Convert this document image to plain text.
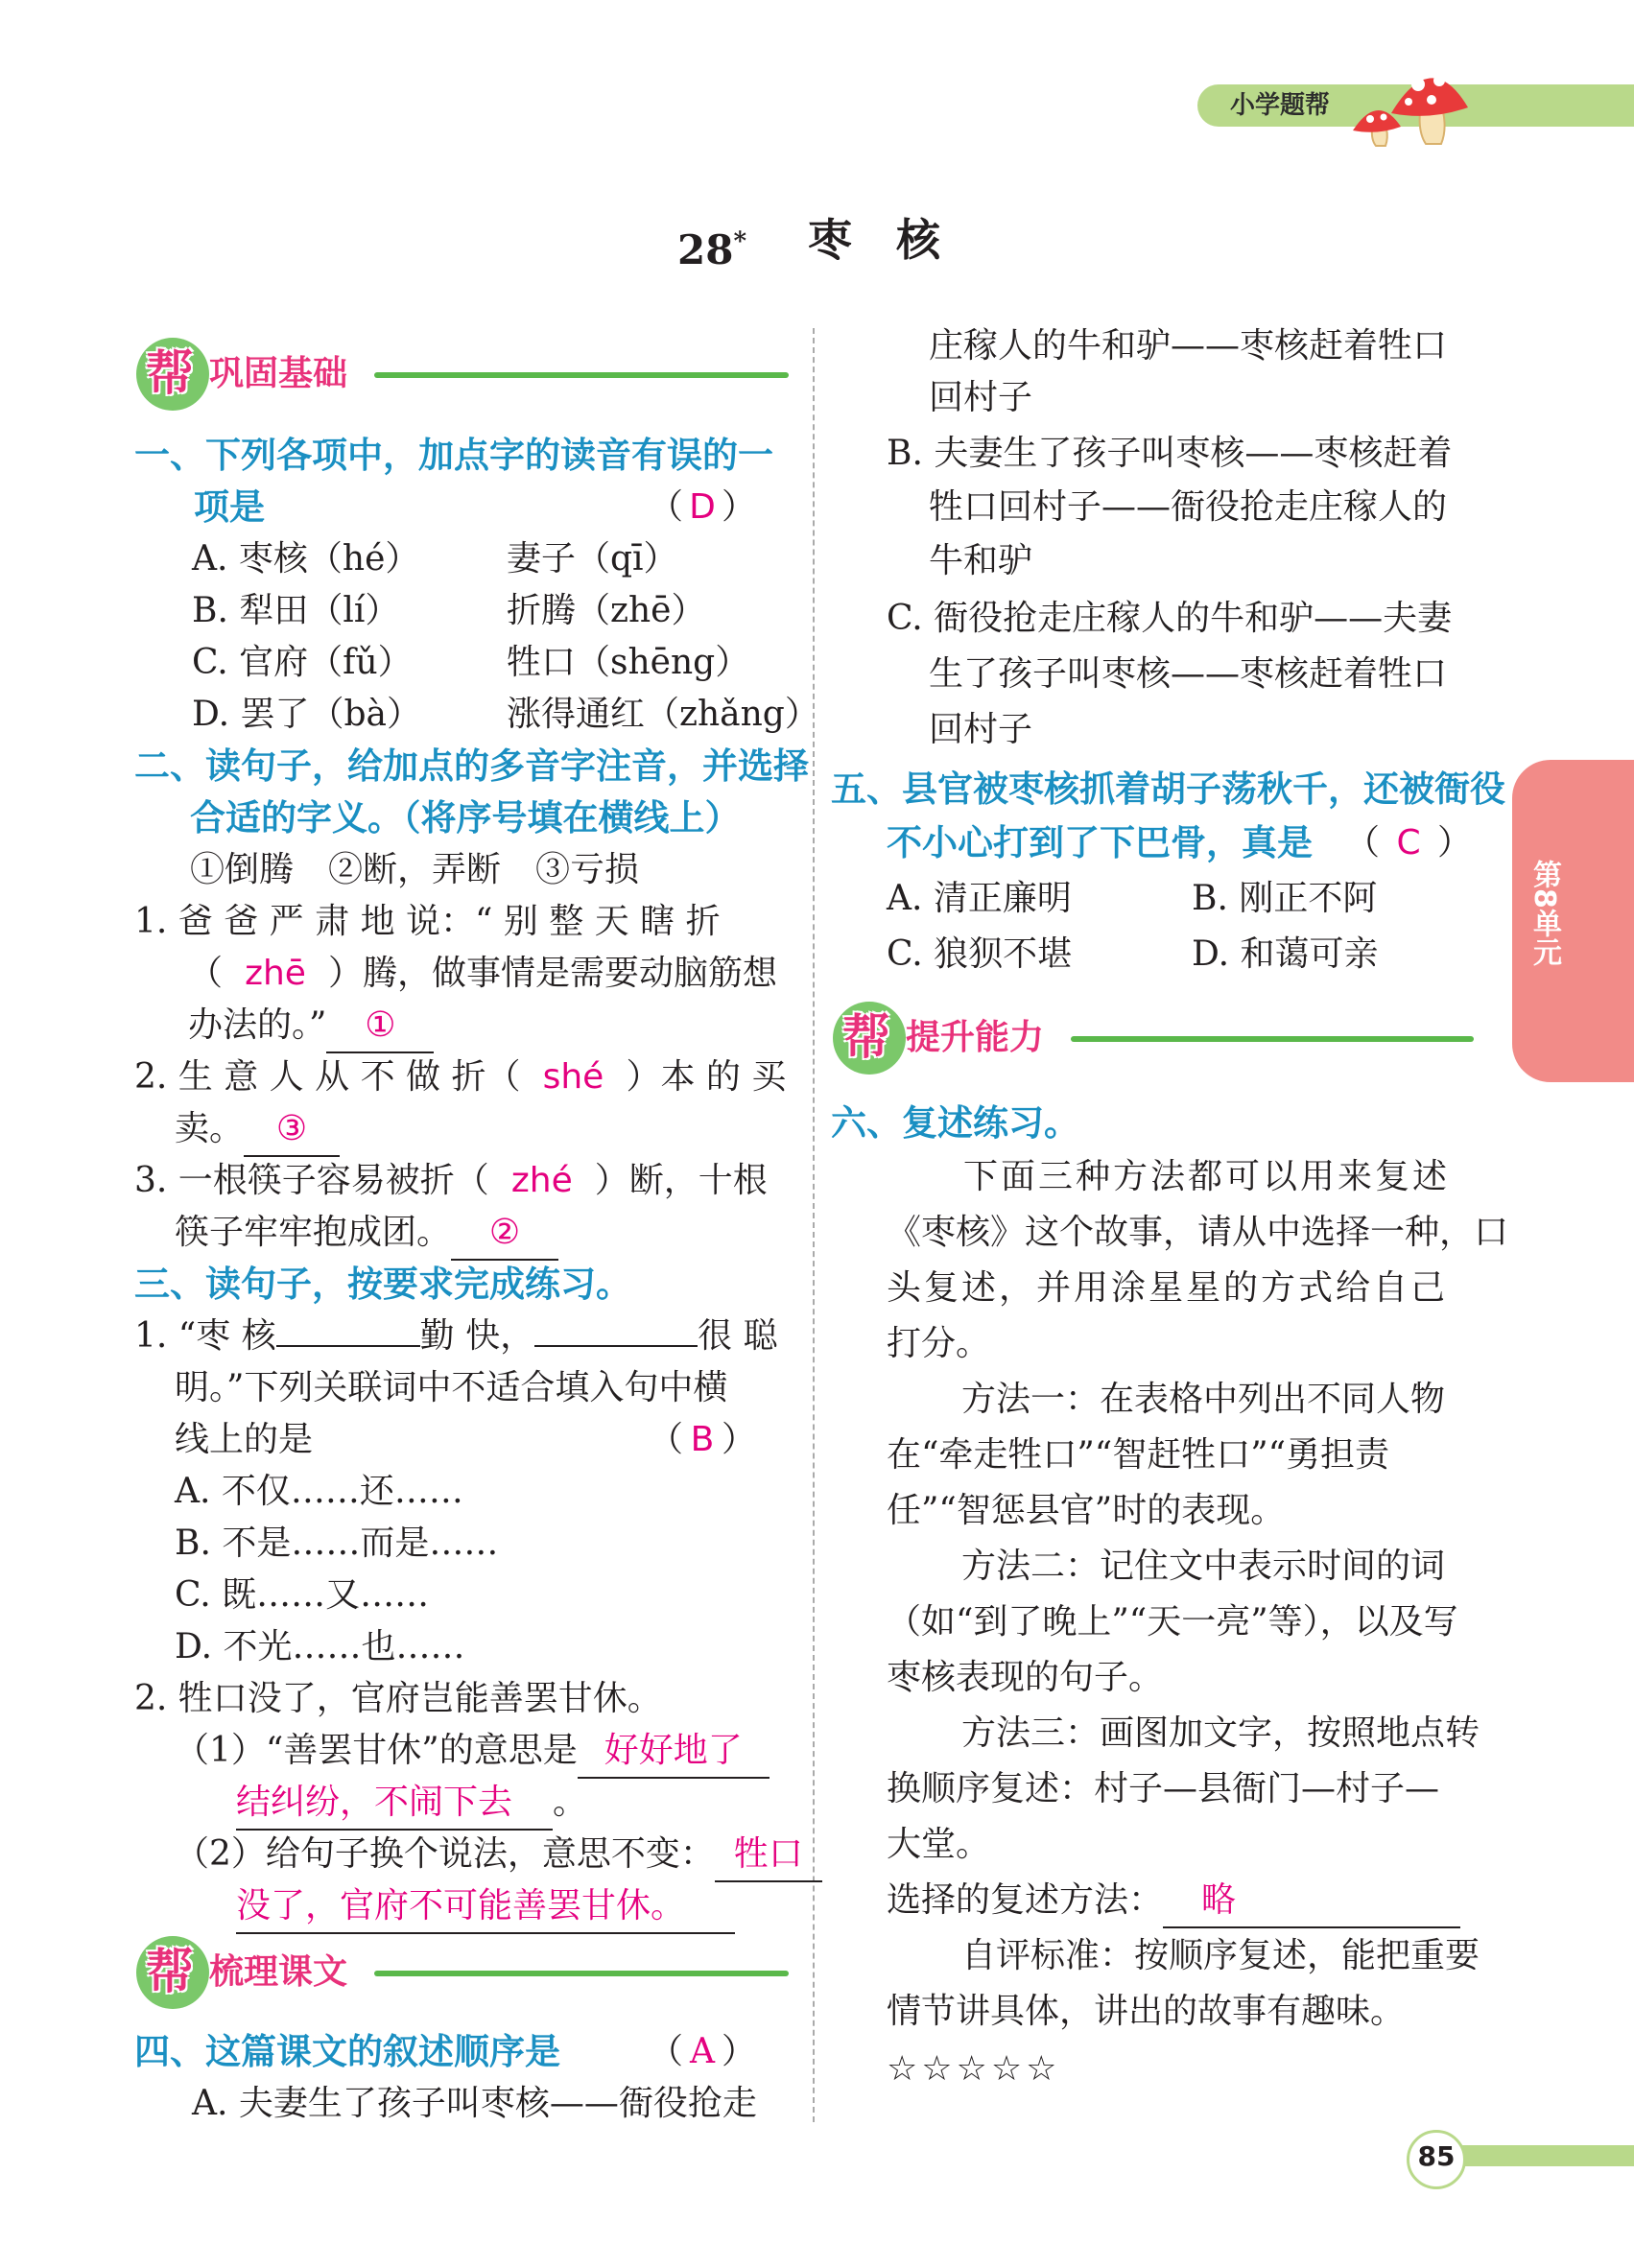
小学题帮
28* 枣　核
帮 巩固基础
一、下列各项中，加点字的读音有误的一
项是	（ D ）
A. 枣核（hé）	妻子（qī）
B. 犁田（lí）	折腾（zhē）
C. 官府（fǔ）	牲口（shēng）
D. 罢了（bà） 涨得通红（zhǎng）
二、读句子，给加点的多音字注音，并选择
合适的字义。（将序号填在横线上）
①倒腾　②断，弄断　③亏损
1. 爸 爸 严 肃 地 说：“ 别 整 天 瞎 折
（ zhē ）腾，做事情是需要动脑筋想
办法的。” ①
2. 生 意 人 从 不 做 折（ shé ）本 的 买
卖。 ③
3. 一根筷子容易被折（ zhé ）断，十根
筷子牢牢抱成团。 ②
三、读句子，按要求完成练习。
1. “枣 核	勤 快，	很 聪
明。”下列关联词中不适合填入句中横
线上的是	（ B ）
A. 不仅……还……
B. 不是……而是……
C. 既……又……
D. 不光……也……
2. 牲口没了，官府岂能善罢甘休。
（1）“善罢甘休”的意思是 好好地了
结纠纷，不闹下去 。
（2）给句子换个说法，意思不变： 牲口
没了，官府不可能善罢甘休。
帮 梳理课文
四、这篇课文的叙述顺序是	（ A ）
A. 夫妻生了孩子叫枣核——衙役抢走
庄稼人的牛和驴——枣核赶着牲口
回村子
B. 夫妻生了孩子叫枣核——枣核赶着
牲口回村子——衙役抢走庄稼人的
牛和驴
C. 衙役抢走庄稼人的牛和驴——夫妻
生了孩子叫枣核——枣核赶着牲口
回村子
五、县官被枣核抓着胡子荡秋千，还被衙役
不小心打到了下巴骨，真是 （ C ）
A. 清正廉明	B. 刚正不阿
C. 狼狈不堪	D. 和蔼可亲
帮 提升能力
六、复述练习。
下面三种方法都可以用来复述
《枣核》这个故事，请从中选择一种，口
头复述，并用涂星星的方式给自己
打分。
方法一：在表格中列出不同人物
在“牵走牲口”“智赶牲口”“勇担责
任”“智惩县官”时的表现。
方法二：记住文中表示时间的词
（如“到了晚上”“天一亮”等），以及写
枣核表现的句子。
方法三：画图加文字，按照地点转
换顺序复述：村子—县衙门—村子—
大堂。
选择的复述方法： 略
自评标准：按顺序复述，能把重要
情节讲具体，讲出的故事有趣味。
☆☆☆☆☆
第8单元
85
